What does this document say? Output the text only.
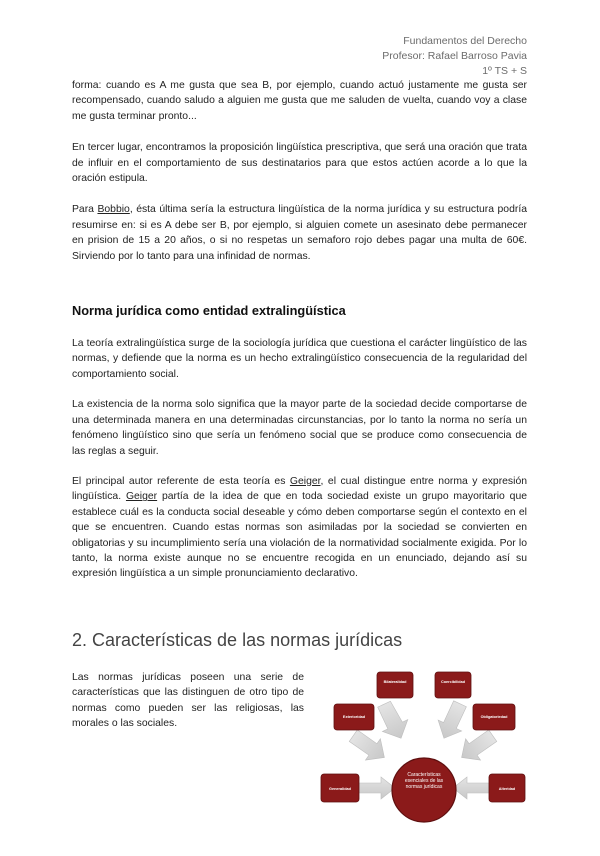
Fundamentos del Derecho
Profesor: Rafael Barroso Pavia
1º TS + S

forma: cuando es A me gusta que sea B, por ejemplo, cuando actuó justamente me gusta ser recompensado, cuando saludo a alguien me gusta que me saluden de vuelta, cuando voy a clase me gusta terminar pronto...

En tercer lugar, encontramos la proposición lingüística prescriptiva, que será una oración que trata de influir en el comportamiento de sus destinatarios para que estos actúen acorde a lo que la oración estipula.

Para Bobbio, ésta última sería la estructura lingüística de la norma jurídica y su estructura podría resumirse en: si es A debe ser B, por ejemplo, si alguien comete un asesinato debe permanecer en prision de 15 a 20 años, o si no respetas un semaforo rojo debes pagar una multa de 60€. Sirviendo por lo tanto para una infinidad de normas.

Norma jurídica como entidad extralingüística

La teoría extralingüística surge de la sociología jurídica que cuestiona el carácter lingüístico de las normas, y defiende que la norma es un hecho extralingüístico consecuencia de la regularidad del comportamiento social.

La existencia de la norma solo significa que la mayor parte de la sociedad decide comportarse de una determinada manera en una determinadas circunstancias, por lo tanto la norma no sería un fenómeno lingüístico sino que sería un fenómeno social que se produce como consecuencia de las reglas a seguir.

El principal autor referente de esta teoría es Geiger, el cual distingue entre norma y expresión lingüística. Geiger partía de la idea de que en toda sociedad existe un grupo mayoritario que establece cuál es la conducta social deseable y cómo deben comportarse según el contexto en el que se encuentren. Cuando estas normas son asimiladas por la sociedad se convierten en obligatorias y su incumplimiento sería una violación de la normatividad socialmente exigida. Por lo tanto, la norma existe aunque no se encuentre recogida en un enunciado, dejando así su expresión lingüística a un simple pronunciamiento declarativo.

2. Características de las normas jurídicas

Las normas jurídicas poseen una serie de características que las distinguen de otro tipo de normas como pueden ser las religiosas, las morales o las sociales.

Características esenciales de las normas jurídicas
Bilateralidad	Coercibilidad
Exterioridad	Obligatoriedad
Generalidad	Alteridad
